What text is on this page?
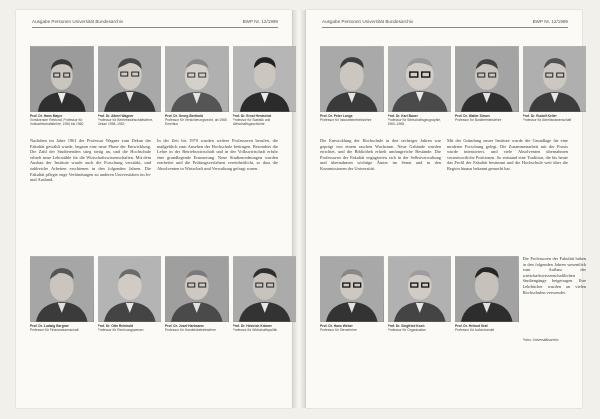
Ausgabe Personen Universität Bundesarchiv	BWP Nr. 12/1999
Prof. Dr. Hans Mayer
Vorsitzender Rektorat, Professor für Volkswirtschaftslehre, 1956 bis 1960
Prof. Dr. Albert Wagner
Professor für Betriebswirtschaftslehre, Dekan 1958–1962
Prof. Dr. Georg Berthold
Professor für Versicherungsrecht, ab 1965 Emeritus
Prof. Dr. Ernst Hentschel
Professor für Statistik und Wirtschaftsgeschichte

Nachdem im Jahre 1961 der Professor Wagner zum Dekan der Fakultät gewählt wurde, begann eine neue Phase der Entwicklung. Die Zahl der Studierenden stieg stetig an, und die Hochschule erhielt neue Lehrstühle für die Wirtschaftswissenschaften. Mit dem Ausbau der Institute wurde auch die Forschung verstärkt, und zahlreiche Arbeiten erschienen in den folgenden Jahren. Die Fakultät pflegte enge Verbindungen zu anderen Universitäten im In- und Ausland.

In der Zeit bis 1970 wurden weitere Professoren berufen, die maßgeblich zum Ansehen der Hochschule beitrugen. Besonders die Lehre in der Betriebswirtschaft und in der Volkswirtschaft erfuhr eine grundlegende Erneuerung. Neue Studienordnungen wurden erarbeitet und die Prüfungsverfahren vereinheitlicht, so dass die Absolventen in Wirtschaft und Verwaltung gefragt waren.

Prof. Dr. Ludwig Bergner
Professor für Finanzwissenschaft
Prof. Dr. Otto Reinhold
Professor für Rechnungswesen
Prof. Dr. Josef Hartmann
Professor für Handelsbetriebslehre
Prof. Dr. Heinrich Krämer
Professor für Wirtschaftspolitik
Ausgabe Personen Universität Bundesarchiv	BWP Nr. 12/1999
Prof. Dr. Peter Lange
Professor für Industriebetriebslehre
Prof. Dr. Karl Bauer
Professor für Wirtschaftsgeographie, 1960–1968
Prof. Dr. Walter Simon
Professor für Bankbetriebslehre
Prof. Dr. Rudolf Keller
Professor für Arbeitswissenschaft

Die Entwicklung der Hochschule in den sechziger Jahren war geprägt von einem raschen Wachstum. Neue Gebäude wurden errichtet, und die Bibliothek erhielt umfangreiche Bestände. Die Professoren der Fakultät engagierten sich in der Selbstverwaltung und übernahmen wichtige Ämter im Senat und in den Kommissionen der Universität.

Mit der Gründung neuer Institute wurde die Grundlage für eine moderne Forschung gelegt. Die Zusammenarbeit mit der Praxis wurde intensiviert, und viele Absolventen übernahmen verantwortliche Positionen. So entstand eine Tradition, die bis heute das Profil der Fakultät bestimmt und die Hochschule weit über die Region hinaus bekannt gemacht hat.

Prof. Dr. Hans Weber
Professor für Steuerlehre
Prof. Dr. Siegfried Koch
Professor für Organisation
Prof. Dr. Helmut Graf
Professor für Außenhandel
Die Professoren der Fakultät haben in den folgenden Jahren wesentlich zum Aufbau der wirtschaftswissenschaftlichen Studiengänge beigetragen. Ihre Lehrbücher wurden an vielen Hochschulen verwendet.
Fotos: Universitätsarchiv
